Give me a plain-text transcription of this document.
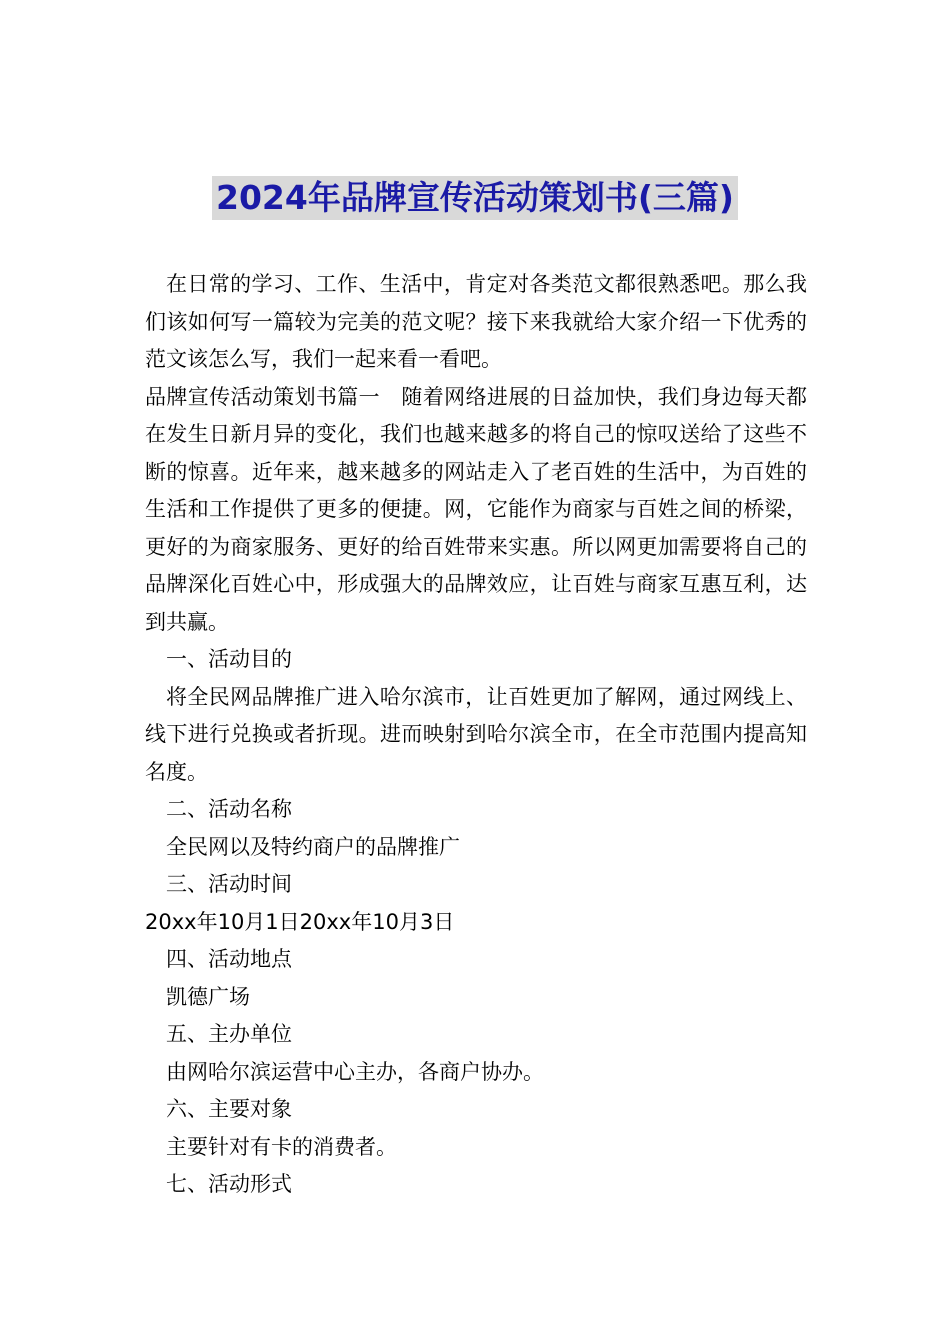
2024年品牌宣传活动策划书(三篇)

在日常的学习、工作、生活中，肯定对各类范文都很熟悉吧。那么我们该如何写一篇较为完美的范文呢？接下来我就给大家介绍一下优秀的范文该怎么写，我们一起来看一看吧。

品牌宣传活动策划书篇一　随着网络进展的日益加快，我们身边每天都在发生日新月异的变化，我们也越来越多的将自己的惊叹送给了这些不断的惊喜。近年来，越来越多的网站走入了老百姓的生活中，为百姓的生活和工作提供了更多的便捷。网，它能作为商家与百姓之间的桥梁，更好的为商家服务、更好的给百姓带来实惠。所以网更加需要将自己的品牌深化百姓心中，形成强大的品牌效应，让百姓与商家互惠互利，达到共赢。

一、活动目的

将全民网品牌推广进入哈尔滨市，让百姓更加了解网，通过网线上、线下进行兑换或者折现。进而映射到哈尔滨全市，在全市范围内提高知名度。

二、活动名称

全民网以及特约商户的品牌推广

三、活动时间

20xx年10月1日20xx年10月3日

四、活动地点

凯德广场

五、主办单位

由网哈尔滨运营中心主办，各商户协办。

六、主要对象

主要针对有卡的消费者。

七、活动形式
